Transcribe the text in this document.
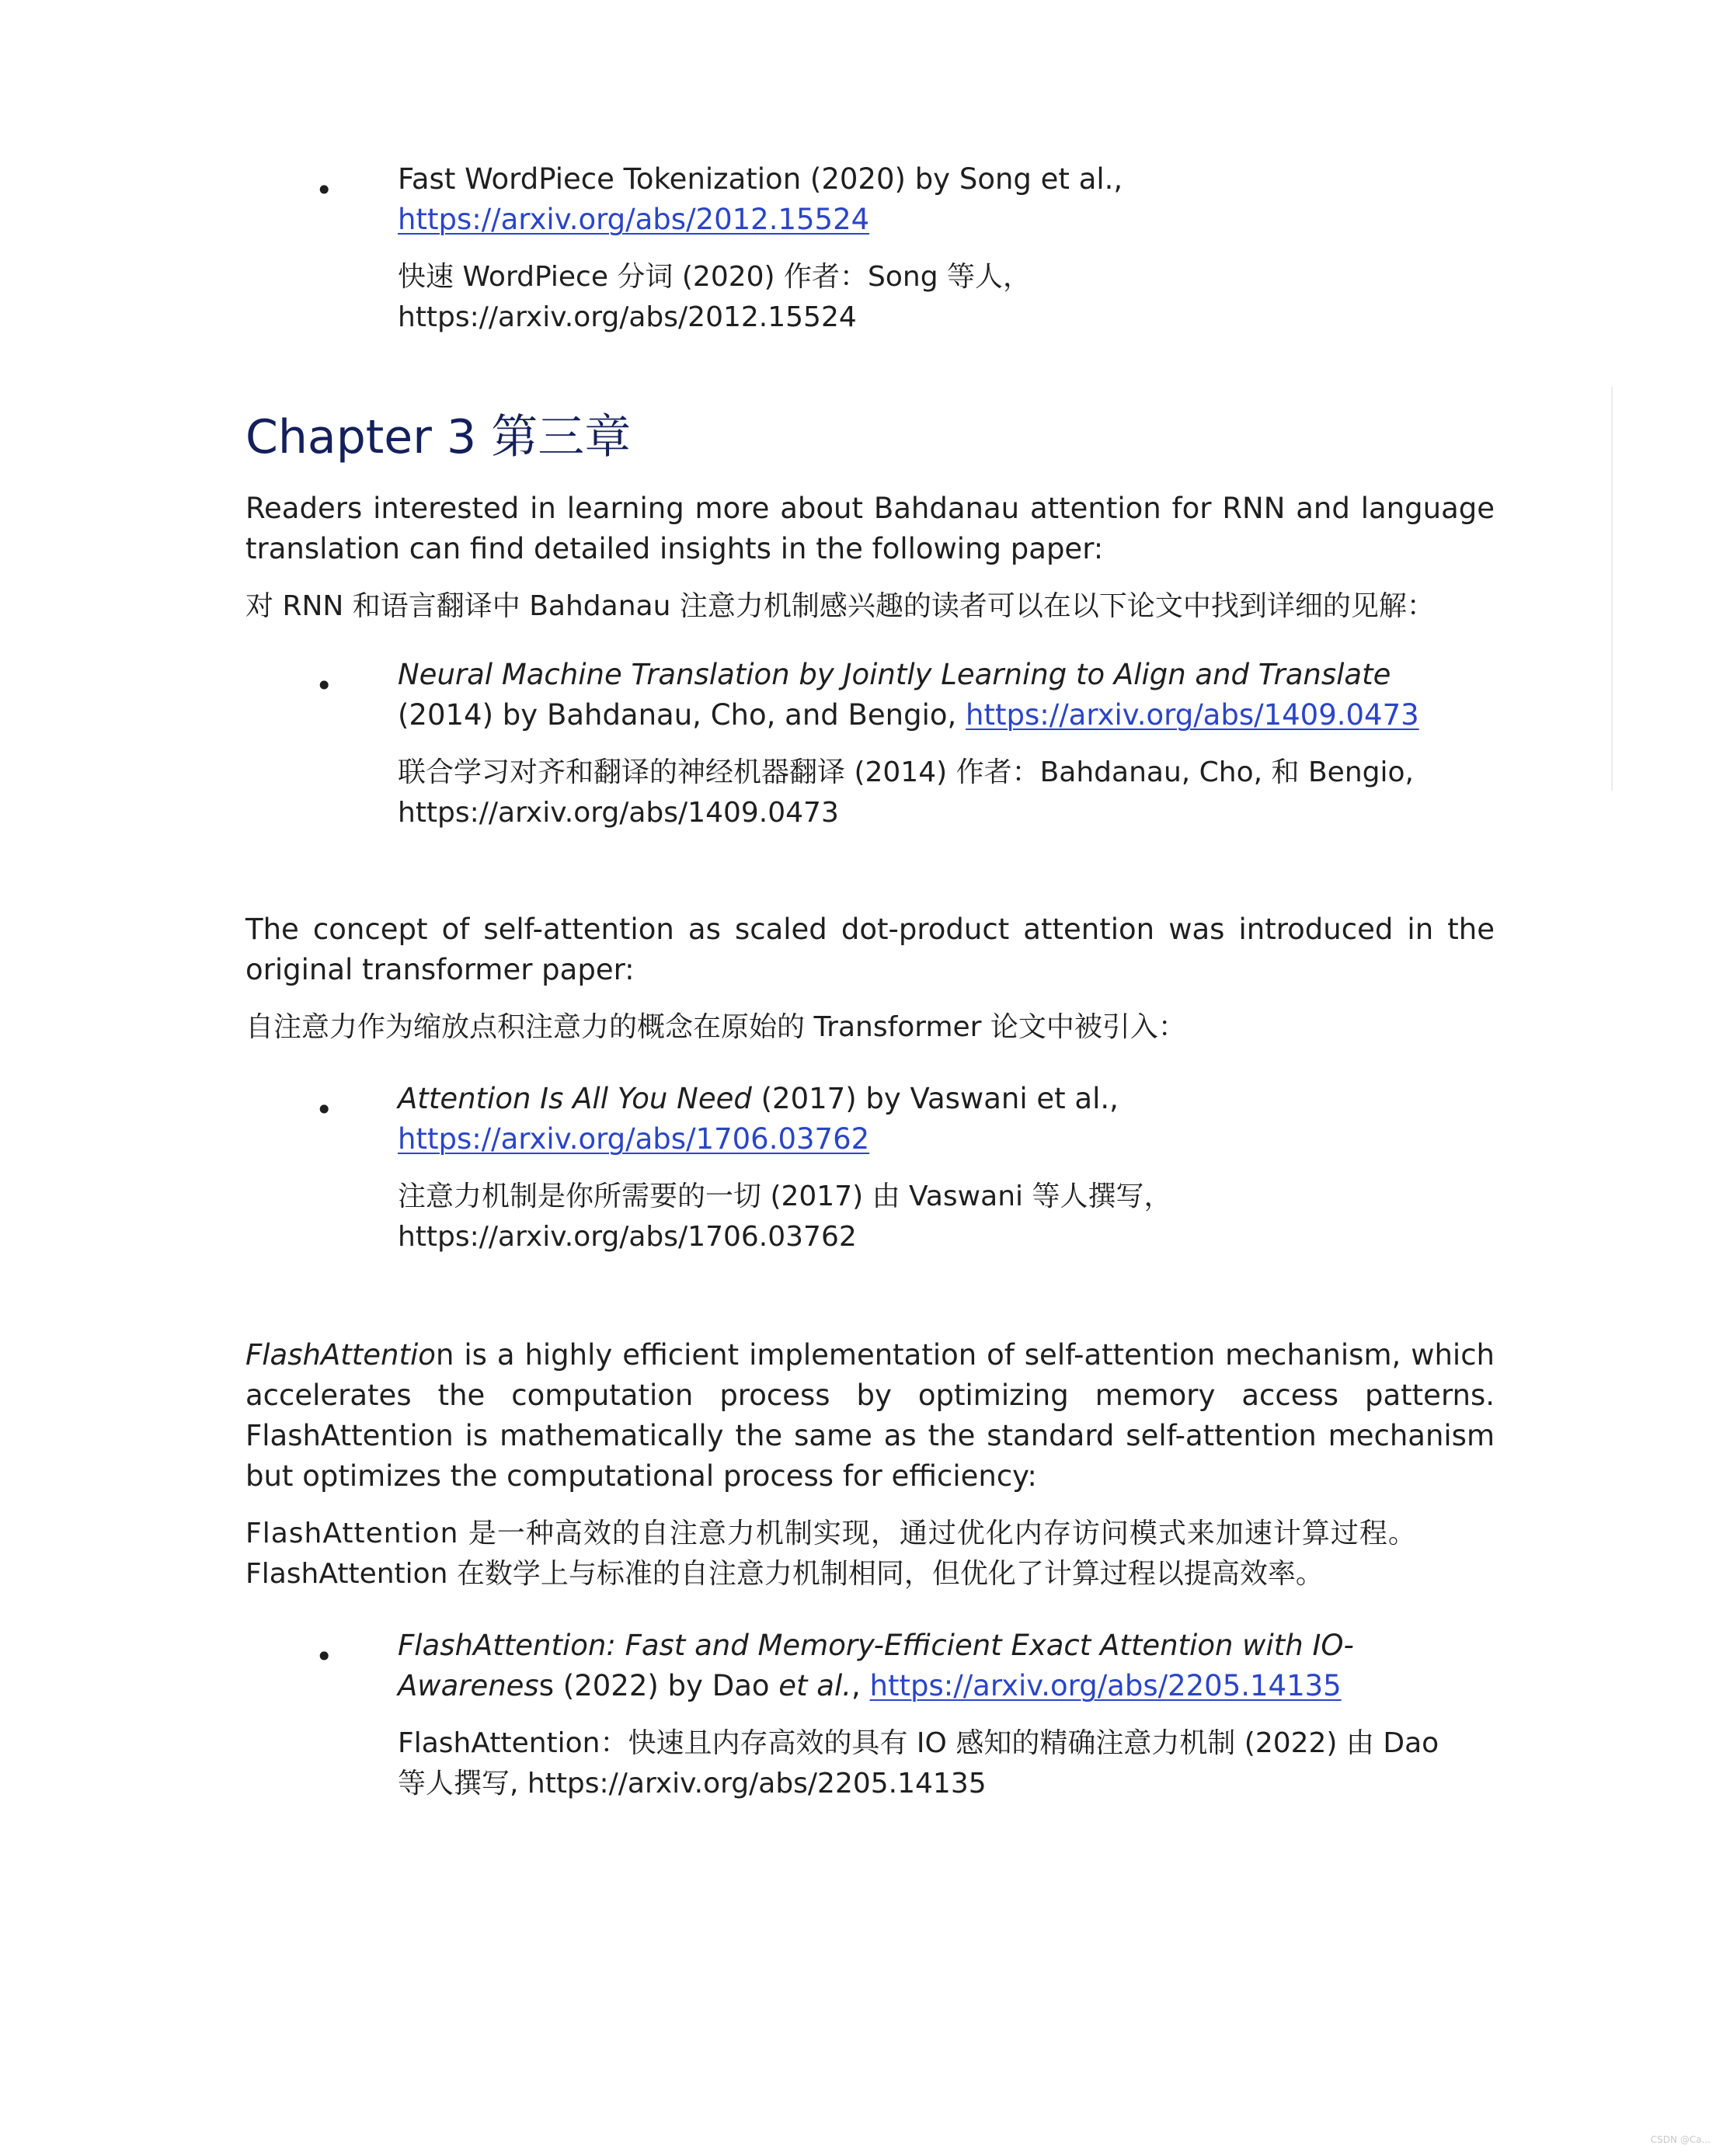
• Fast WordPiece Tokenization (2020) by Song et al.,
https://arxiv.org/abs/2012.15524

快速 WordPiece 分词 (2020) 作者：Song 等人，
https://arxiv.org/abs/2012.15524

Chapter 3 第三章

Readers interested in learning more about Bahdanau attention for RNN and language translation can find detailed insights in the following paper:

对 RNN 和语言翻译中 Bahdanau 注意力机制感兴趣的读者可以在以下论文中找到详细的见解：

• Neural Machine Translation by Jointly Learning to Align and Translate
(2014) by Bahdanau, Cho, and Bengio, https://arxiv.org/abs/1409.0473

联合学习对齐和翻译的神经机器翻译 (2014) 作者：Bahdanau, Cho, 和 Bengio,
https://arxiv.org/abs/1409.0473

The concept of self-attention as scaled dot-product attention was introduced in the original transformer paper:

自注意力作为缩放点积注意力的概念在原始的 Transformer 论文中被引入：

• Attention Is All You Need (2017) by Vaswani et al.,
https://arxiv.org/abs/1706.03762

注意力机制是你所需要的一切 (2017) 由 Vaswani 等人撰写，
https://arxiv.org/abs/1706.03762

FlashAttention is a highly efficient implementation of self-attention mechanism, which accelerates the computation process by optimizing memory access patterns. FlashAttention is mathematically the same as the standard self-attention mechanism but optimizes the computational process for efficiency:

FlashAttention 是一种高效的自注意力机制实现，通过优化内存访问模式来加速计算过程。
FlashAttention 在数学上与标准的自注意力机制相同，但优化了计算过程以提高效率。

• FlashAttention: Fast and Memory-Efficient Exact Attention with IO-
Awareness (2022) by Dao et al., https://arxiv.org/abs/2205.14135

FlashAttention：快速且内存高效的具有 IO 感知的精确注意力机制 (2022) 由 Dao
等人撰写, https://arxiv.org/abs/2205.14135

CSDN @Ca...
